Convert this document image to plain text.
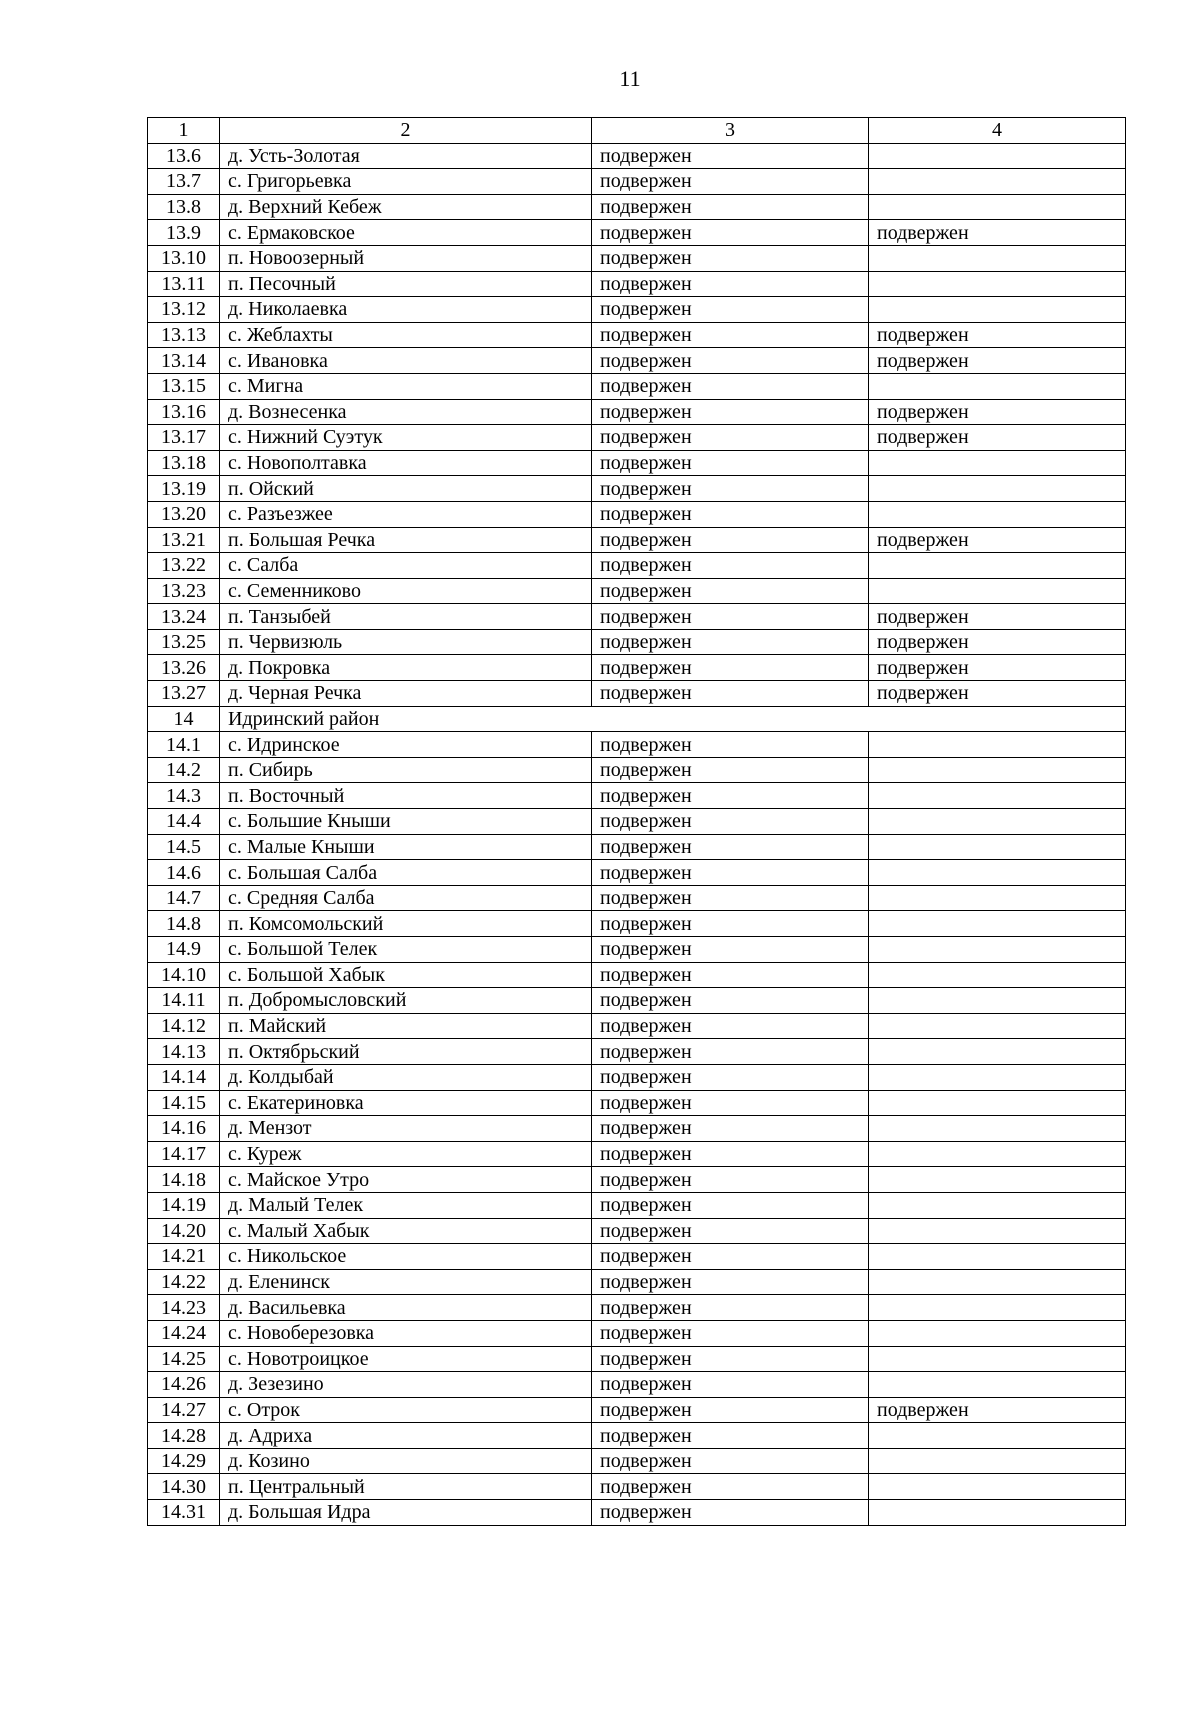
11
1	2	3	4
13.6	д. Усть-Золотая	подвержен	
13.7	с. Григорьевка	подвержен	
13.8	д. Верхний Кебеж	подвержен	
13.9	с. Ермаковское	подвержен	подвержен
13.10	п. Новоозерный	подвержен	
13.11	п. Песочный	подвержен	
13.12	д. Николаевка	подвержен	
13.13	с. Жеблахты	подвержен	подвержен
13.14	с. Ивановка	подвержен	подвержен
13.15	с. Мигна	подвержен	
13.16	д. Вознесенка	подвержен	подвержен
13.17	с. Нижний Суэтук	подвержен	подвержен
13.18	с. Новополтавка	подвержен	
13.19	п. Ойский	подвержен	
13.20	с. Разъезжее	подвержен	
13.21	п. Большая Речка	подвержен	подвержен
13.22	с. Салба	подвержен	
13.23	с. Семенниково	подвержен	
13.24	п. Танзыбей	подвержен	подвержен
13.25	п. Червизюль	подвержен	подвержен
13.26	д. Покровка	подвержен	подвержен
13.27	д. Черная Речка	подвержен	подвержен
14	Идринский район		
14.1	с. Идринское	подвержен	
14.2	п. Сибирь	подвержен	
14.3	п. Восточный	подвержен	
14.4	с. Большие Кныши	подвержен	
14.5	с. Малые Кныши	подвержен	
14.6	с. Большая Салба	подвержен	
14.7	с. Средняя Салба	подвержен	
14.8	п. Комсомольский	подвержен	
14.9	с. Большой Телек	подвержен	
14.10	с. Большой Хабык	подвержен	
14.11	п. Добромысловский	подвержен	
14.12	п. Майский	подвержен	
14.13	п. Октябрьский	подвержен	
14.14	д. Колдыбай	подвержен	
14.15	с. Екатериновка	подвержен	
14.16	д. Мензот	подвержен	
14.17	с. Куреж	подвержен	
14.18	с. Майское Утро	подвержен	
14.19	д. Малый Телек	подвержен	
14.20	с. Малый Хабык	подвержен	
14.21	с. Никольское	подвержен	
14.22	д. Еленинск	подвержен	
14.23	д. Васильевка	подвержен	
14.24	с. Новоберезовка	подвержен	
14.25	с. Новотроицкое	подвержен	
14.26	д. Зезезино	подвержен	
14.27	с. Отрок	подвержен	подвержен
14.28	д. Адриха	подвержен	
14.29	д. Козино	подвержен	
14.30	п. Центральный	подвержен	
14.31	д. Большая Идра	подвержен	
